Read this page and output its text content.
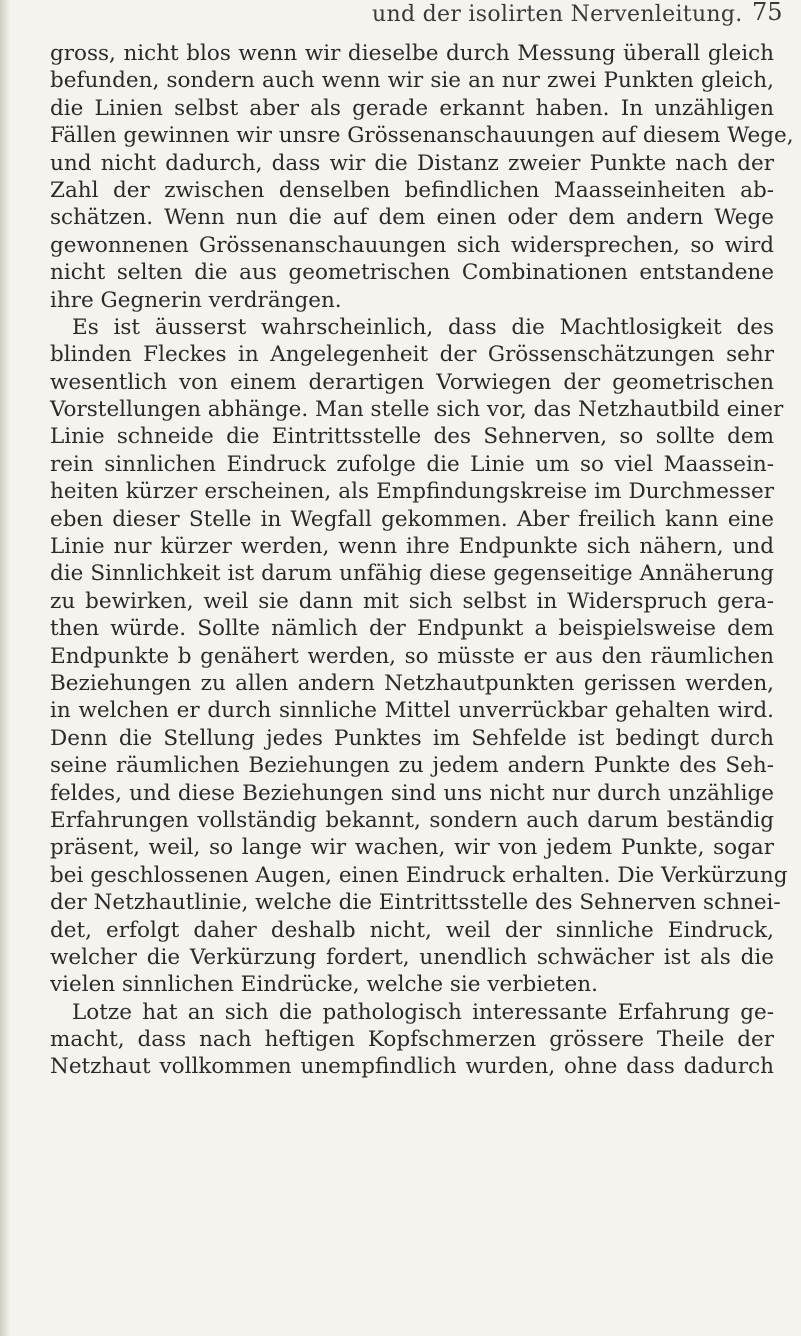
und der isolirten Nervenleitung. 75
gross, nicht blos wenn wir dieselbe durch Messung überall gleich
befunden, sondern auch wenn wir sie an nur zwei Punkten gleich,
die Linien selbst aber als gerade erkannt haben. In unzähligen
Fällen gewinnen wir unsre Grössenanschauungen auf diesem Wege,
und nicht dadurch, dass wir die Distanz zweier Punkte nach der
Zahl der zwischen denselben befindlichen Maasseinheiten ab-
schätzen. Wenn nun die auf dem einen oder dem andern Wege
gewonnenen Grössenanschauungen sich widersprechen, so wird
nicht selten die aus geometrischen Combinationen entstandene
ihre Gegnerin verdrängen.
Es ist äusserst wahrscheinlich, dass die Machtlosigkeit des
blinden Fleckes in Angelegenheit der Grössenschätzungen sehr
wesentlich von einem derartigen Vorwiegen der geometrischen
Vorstellungen abhänge. Man stelle sich vor, das Netzhautbild einer
Linie schneide die Eintrittsstelle des Sehnerven, so sollte dem
rein sinnlichen Eindruck zufolge die Linie um so viel Maassein-
heiten kürzer erscheinen, als Empfindungskreise im Durchmesser
eben dieser Stelle in Wegfall gekommen. Aber freilich kann eine
Linie nur kürzer werden, wenn ihre Endpunkte sich nähern, und
die Sinnlichkeit ist darum unfähig diese gegenseitige Annäherung
zu bewirken, weil sie dann mit sich selbst in Widerspruch gera-
then würde. Sollte nämlich der Endpunkt a beispielsweise dem
Endpunkte b genähert werden, so müsste er aus den räumlichen
Beziehungen zu allen andern Netzhautpunkten gerissen werden,
in welchen er durch sinnliche Mittel unverrückbar gehalten wird.
Denn die Stellung jedes Punktes im Sehfelde ist bedingt durch
seine räumlichen Beziehungen zu jedem andern Punkte des Seh-
feldes, und diese Beziehungen sind uns nicht nur durch unzählige
Erfahrungen vollständig bekannt, sondern auch darum beständig
präsent, weil, so lange wir wachen, wir von jedem Punkte, sogar
bei geschlossenen Augen, einen Eindruck erhalten. Die Verkürzung
der Netzhautlinie, welche die Eintrittsstelle des Sehnerven schnei-
det, erfolgt daher deshalb nicht, weil der sinnliche Eindruck,
welcher die Verkürzung fordert, unendlich schwächer ist als die
vielen sinnlichen Eindrücke, welche sie verbieten.
Lotze hat an sich die pathologisch interessante Erfahrung ge-
macht, dass nach heftigen Kopfschmerzen grössere Theile der
Netzhaut vollkommen unempfindlich wurden, ohne dass dadurch
